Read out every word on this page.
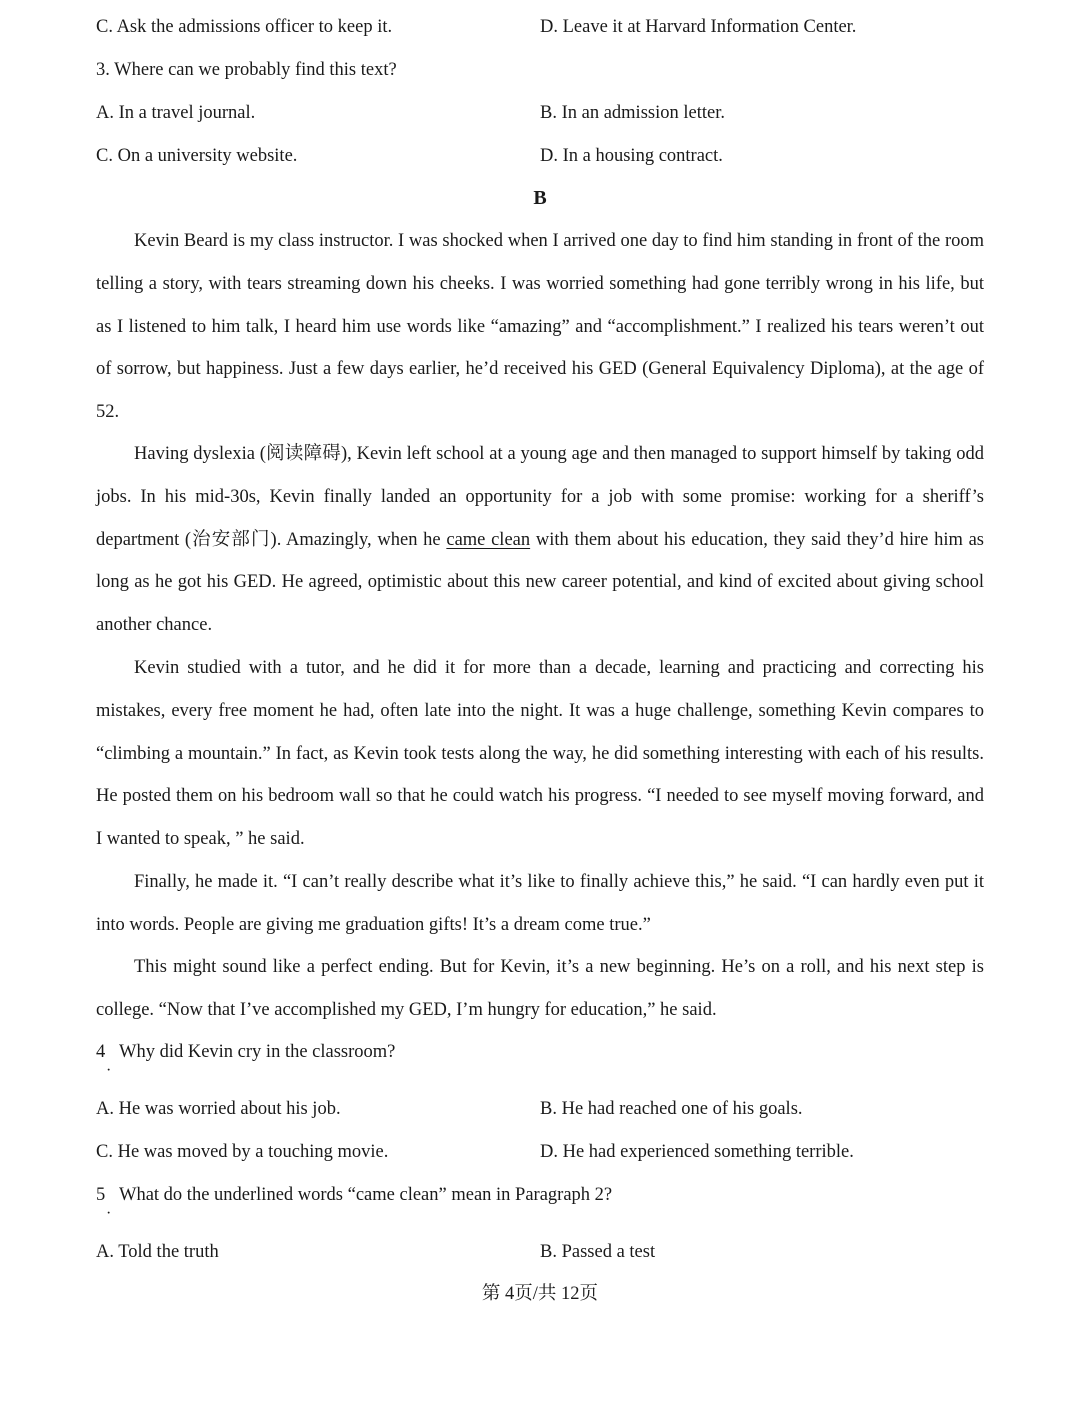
C. Ask the admissions officer to keep it.	D. Leave it at Harvard Information Center.
3. Where can we probably find this text?
A. In a travel journal.	B. In an admission letter.
C. On a university website.	D. In a housing contract.
B
Kevin Beard is my class instructor. I was shocked when I arrived one day to find him standing in front of the room telling a story, with tears streaming down his cheeks. I was worried something had gone terribly wrong in his life, but as I listened to him talk, I heard him use words like “amazing” and “accomplishment.” I realized his tears weren’t out of sorrow, but happiness. Just a few days earlier, he’d received his GED (General Equivalency Diploma), at the age of 52.
Having dyslexia (阅读障碍), Kevin left school at a young age and then managed to support himself by taking odd jobs. In his mid-30s, Kevin finally landed an opportunity for a job with some promise: working for a sheriff’s department (治安部门). Amazingly, when he came clean with them about his education, they said they’d hire him as long as he got his GED. He agreed, optimistic about this new career potential, and kind of excited about giving school another chance.
Kevin studied with a tutor, and he did it for more than a decade, learning and practicing and correcting his mistakes, every free moment he had, often late into the night. It was a huge challenge, something Kevin compares to “climbing a mountain.” In fact, as Kevin took tests along the way, he did something interesting with each of his results. He posted them on his bedroom wall so that he could watch his progress. “I needed to see myself moving forward, and I wanted to speak, ” he said.
Finally, he made it. “I can’t really describe what it’s like to finally achieve this,” he said. “I can hardly even put it into words. People are giving me graduation gifts! It’s a dream come true.”
This might sound like a perfect ending. But for Kevin, it’s a new beginning. He’s on a roll, and his next step is college. “Now that I’ve accomplished my GED, I’m hungry for education,” he said.
4
·
Why did Kevin cry in the classroom?
A. He was worried about his job.	B. He had reached one of his goals.
C. He was moved by a touching movie.	D. He had experienced something terrible.
5
·
What do the underlined words “came clean” mean in Paragraph 2?
A. Told the truth	B. Passed a test
第 4页/共 12页
